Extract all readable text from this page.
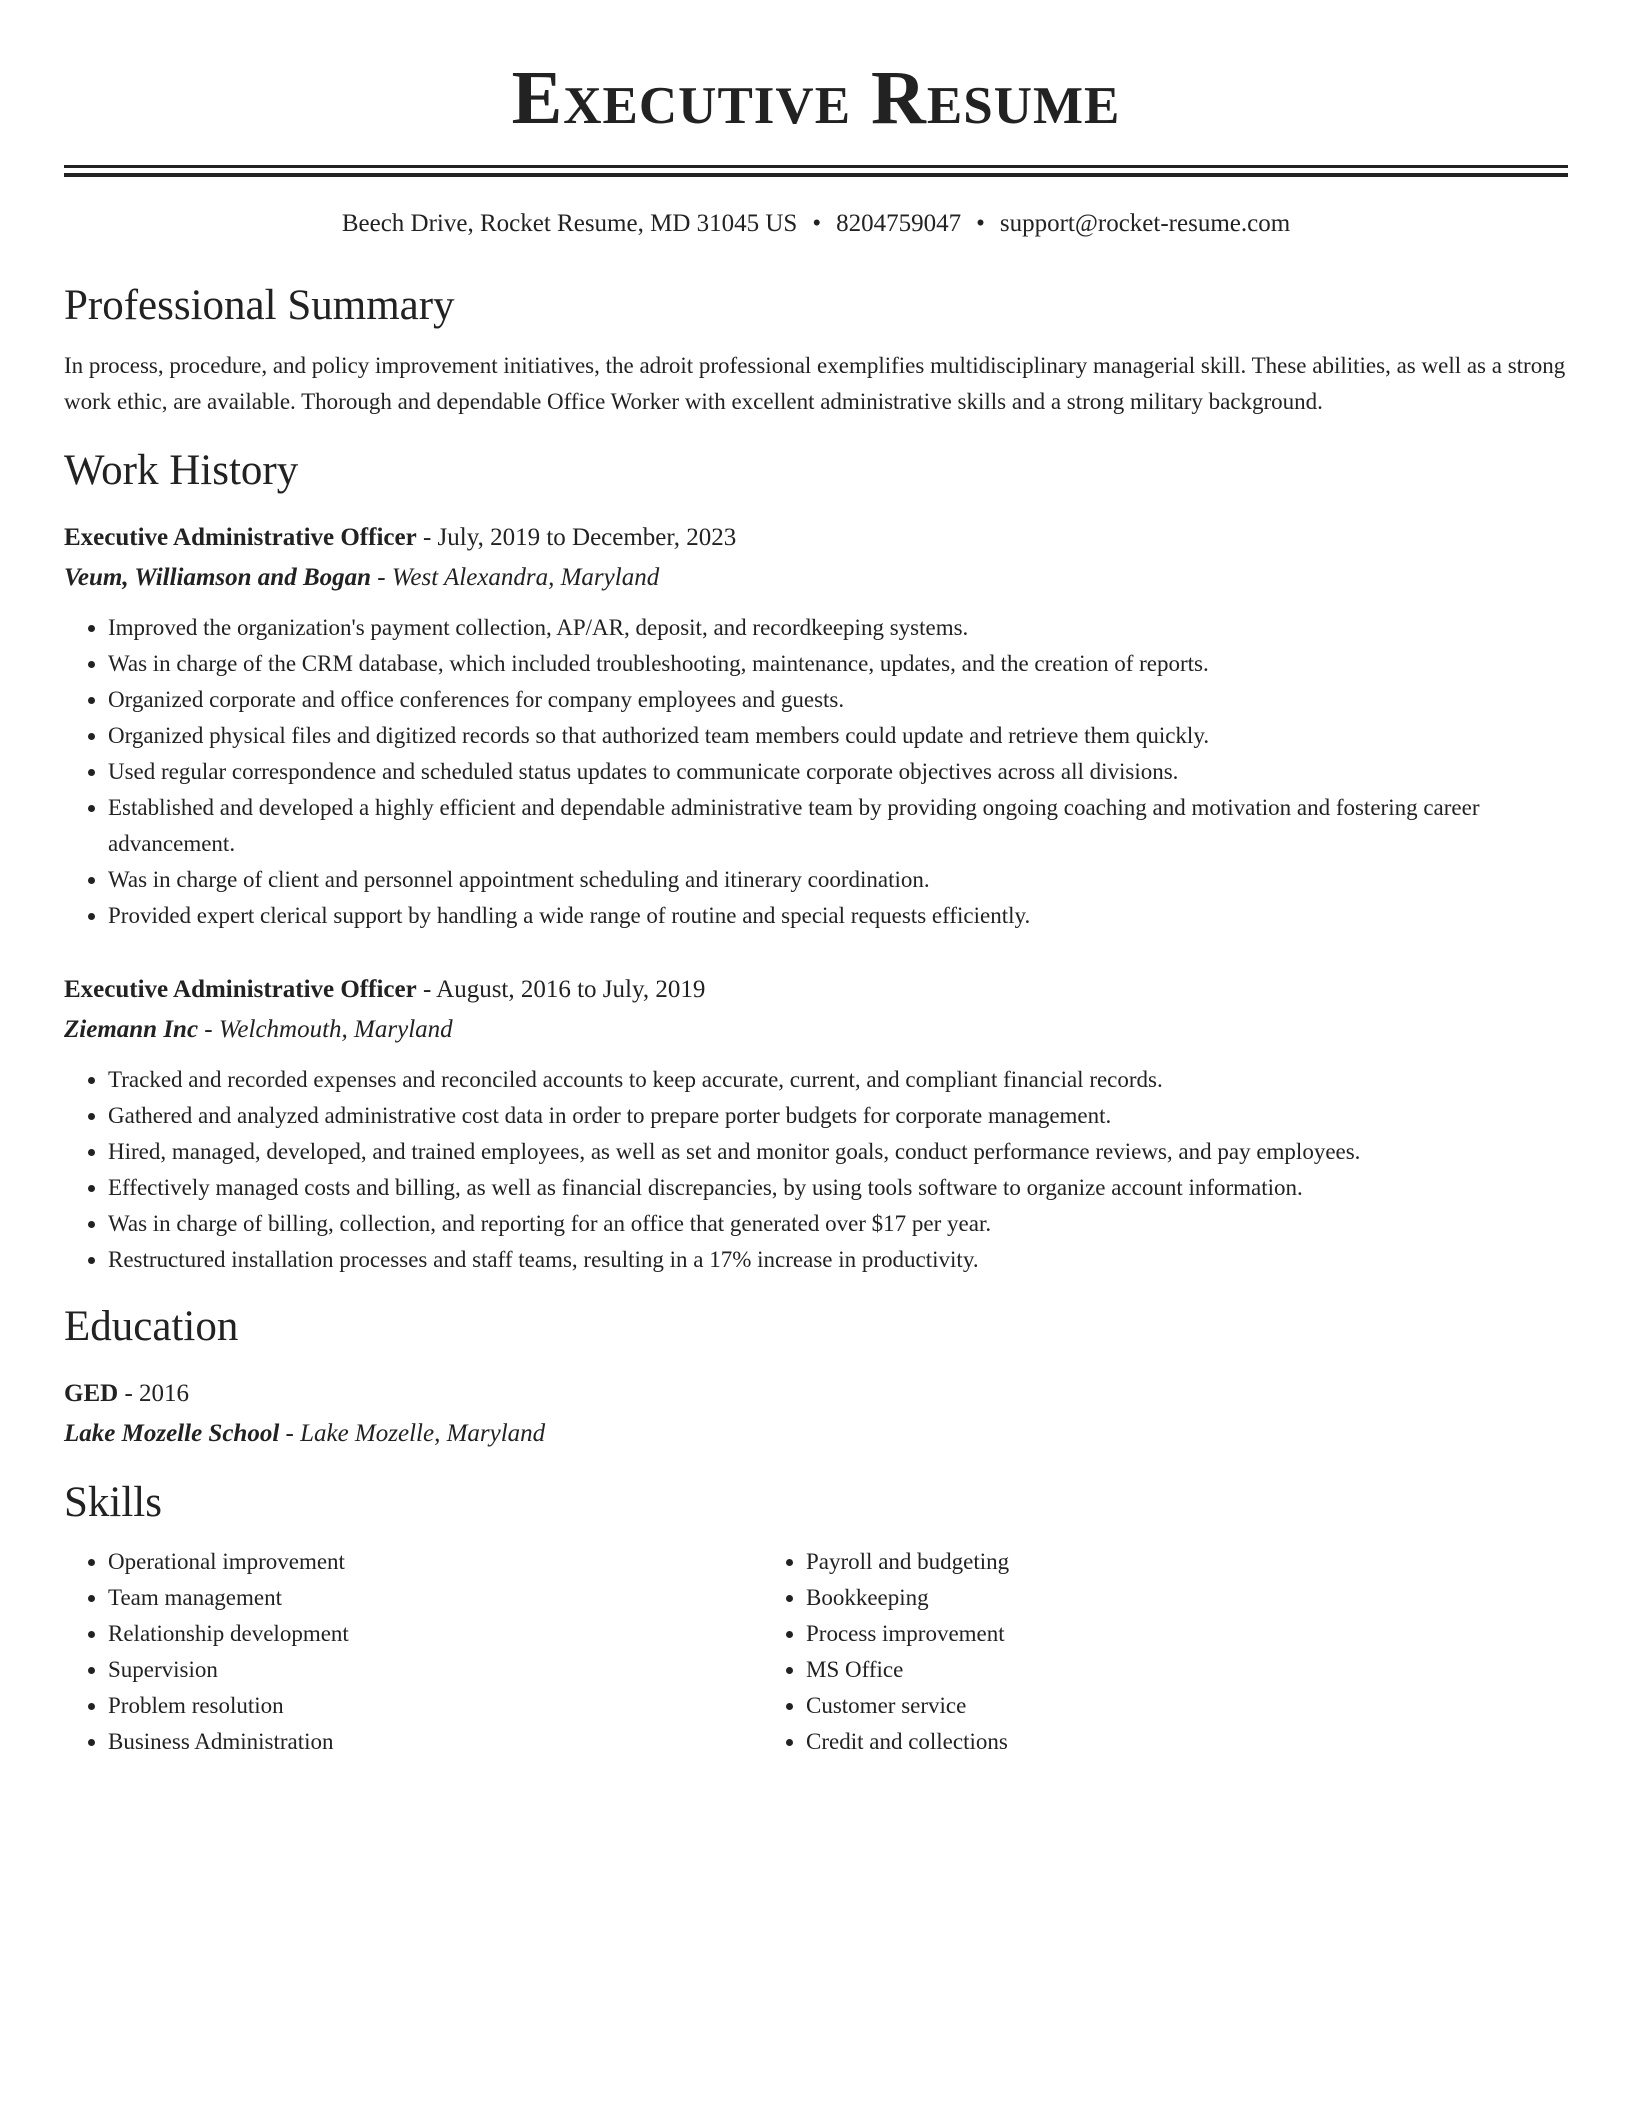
Executive Resume
Beech Drive, Rocket Resume, MD 31045 US • 8204759047 • support@rocket-resume.com
Professional Summary

In process, procedure, and policy improvement initiatives, the adroit professional exemplifies multidisciplinary managerial skill. These abilities, as well as a strong work ethic, are available. Thorough and dependable Office Worker with excellent administrative skills and a strong military background.

Work History
Executive Administrative Officer - July, 2019 to December, 2023
Veum, Williamson and Bogan - West Alexandra, Maryland
• Improved the organization's payment collection, AP/AR, deposit, and recordkeeping systems.
• Was in charge of the CRM database, which included troubleshooting, maintenance, updates, and the creation of reports.
• Organized corporate and office conferences for company employees and guests.
• Organized physical files and digitized records so that authorized team members could update and retrieve them quickly.
• Used regular correspondence and scheduled status updates to communicate corporate objectives across all divisions.
• Established and developed a highly efficient and dependable administrative team by providing ongoing coaching and motivation and fostering career advancement.
• Was in charge of client and personnel appointment scheduling and itinerary coordination.
• Provided expert clerical support by handling a wide range of routine and special requests efficiently.
Executive Administrative Officer - August, 2016 to July, 2019
Ziemann Inc - Welchmouth, Maryland
• Tracked and recorded expenses and reconciled accounts to keep accurate, current, and compliant financial records.
• Gathered and analyzed administrative cost data in order to prepare porter budgets for corporate management.
• Hired, managed, developed, and trained employees, as well as set and monitor goals, conduct performance reviews, and pay employees.
• Effectively managed costs and billing, as well as financial discrepancies, by using tools software to organize account information.
• Was in charge of billing, collection, and reporting for an office that generated over $17 per year.
• Restructured installation processes and staff teams, resulting in a 17% increase in productivity.
Education
GED - 2016
Lake Mozelle School - Lake Mozelle, Maryland
Skills
• Operational improvement
• Team management
• Relationship development
• Supervision
• Problem resolution
• Business Administration
• Payroll and budgeting
• Bookkeeping
• Process improvement
• MS Office
• Customer service
• Credit and collections
